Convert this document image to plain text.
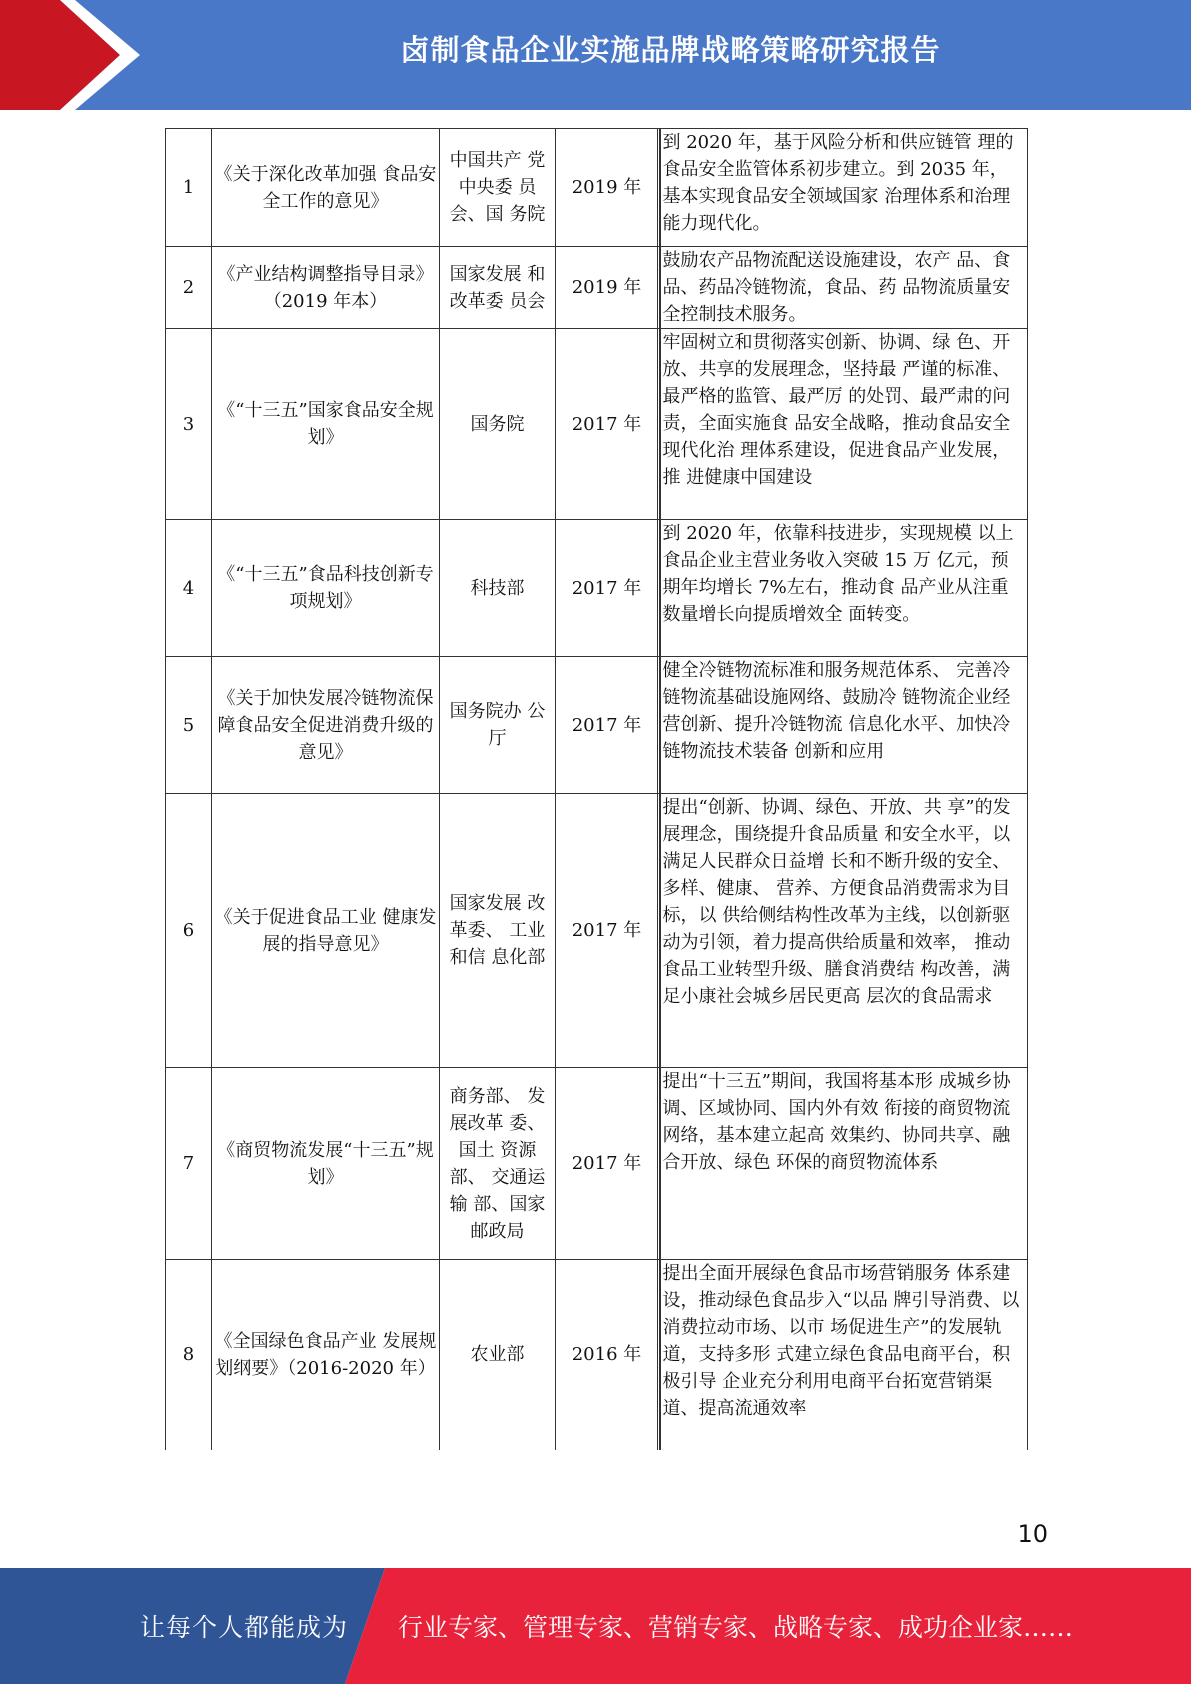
卤制食品企业实施品牌战略策略研究报告
1	《关于深化改革加强 食品安全工作的意见》	中国共产 党中央委 员会、国 务院	2019 年		到 2020 年，基于风险分析和供应链管 理的食品安全监管体系初步建立。到 2035 年，基本实现食品安全领域国家 治理体系和治理能力现代化。
2	《产业结构调整指导目录》（2019 年本）	国家发展 和改革委 员会	2019 年		鼓励农产品物流配送设施建设，农产 品、食品、药品冷链物流，食品、药 品物流质量安全控制技术服务。
3	《“十三五”国家食品安全规划》	国务院	2017 年		牢固树立和贯彻落实创新、协调、绿 色、开放、共享的发展理念，坚持最 严谨的标准、最严格的监管、最严厉 的处罚、最严肃的问责，全面实施食 品安全战略，推动食品安全现代化治 理体系建设，促进食品产业发展，推 进健康中国建设
4	《“十三五”食品科技创新专项规划》	科技部	2017 年		到 2020 年，依靠科技进步，实现规模 以上食品企业主营业务收入突破 15 万 亿元，预期年均增长 7%左右，推动食 品产业从注重数量增长向提质增效全 面转变。
5	《关于加快发展冷链物流保障食品安全促进消费升级的意见》	国务院办 公厅	2017 年		健全冷链物流标准和服务规范体系、 完善冷链物流基础设施网络、鼓励冷 链物流企业经营创新、提升冷链物流 信息化水平、加快冷链物流技术装备 创新和应用
6	《关于促进食品工业 健康发展的指导意见》	国家发展 改革委、 工业和信 息化部	2017 年		提出“创新、协调、绿色、开放、共 享”的发展理念，围绕提升食品质量 和安全水平，以满足人民群众日益增 长和不断升级的安全、多样、健康、 营养、方便食品消费需求为目标，以 供给侧结构性改革为主线，以创新驱 动为引领，着力提高供给质量和效率， 推动食品工业转型升级、膳食消费结 构改善，满足小康社会城乡居民更高 层次的食品需求
7	《商贸物流发展“十三五”规划》	商务部、 发展改革 委、国土 资源部、 交通运输 部、国家邮政局	2017 年		提出“十三五”期间，我国将基本形 成城乡协调、区域协同、国内外有效 衔接的商贸物流网络，基本建立起高 效集约、协同共享、融合开放、绿色 环保的商贸物流体系
8	《全国绿色食品产业 发展规划纲要》（2016-2020 年）	农业部	2016 年		提出全面开展绿色食品市场营销服务 体系建设，推动绿色食品步入“以品 牌引导消费、以消费拉动市场、以市 场促进生产”的发展轨道，支持多形 式建立绿色食品电商平台，积极引导 企业充分利用电商平台拓宽营销渠 道、提高流通效率
10
让每个人都能成为 行业专家、管理专家、营销专家、战略专家、成功企业家……
